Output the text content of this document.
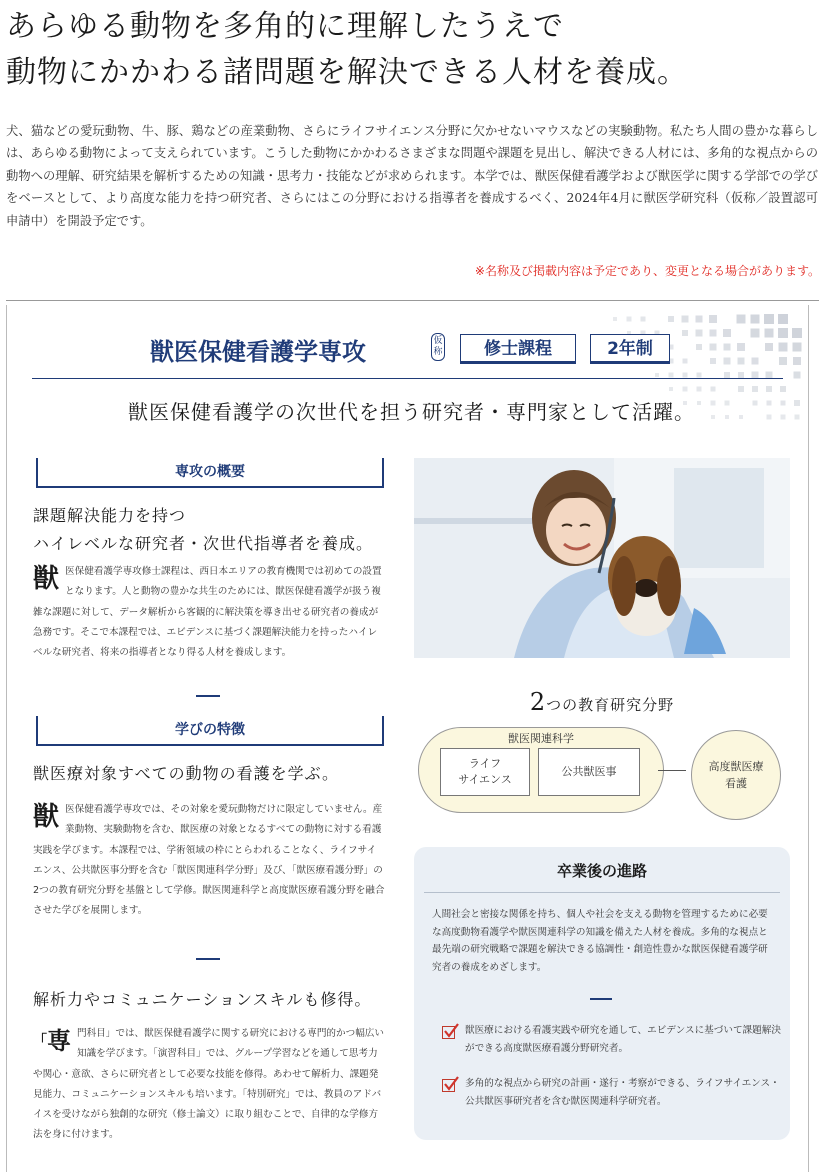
あらゆる動物を多角的に理解したうえで
動物にかかわる諸問題を解決できる人材を養成。
犬、猫などの愛玩動物、牛、豚、鶏などの産業動物、さらにライフサイエンス分野に欠かせないマウスなどの実験動物。私たち人間の豊かな暮らしは、あらゆる動物によって支えられています。こうした動物にかかわるさまざまな問題や課題を見出し、解決できる人材には、多角的な視点からの動物への理解、研究結果を解析するための知識・思考力・技能などが求められます。本学では、獣医保健看護学および獣医学に関する学部での学びをベースとして、より高度な能力を持つ研究者、さらにはこの分野における指導者を養成するべく、2024年4月に獣医学研究科（仮称／設置認可申請中）を開設予定です。
※名称及び掲載内容は予定であり、変更となる場合があります。
獣医保健看護学専攻	仮称	修士課程	2年制
獣医保健看護学の次世代を担う研究者・専門家として活躍。
専攻の概要
課題解決能力を持つ
ハイレベルな研究者・次世代指導者を養成。
獣医保健看護学専攻修士課程は、西日本エリアの教育機関では初めての設置となります。人と動物の豊かな共生のためには、獣医保健看護学が扱う複雑な課題に対して、データ解析から客観的に解決策を導き出せる研究者の養成が急務です。そこで本課程では、エビデンスに基づく課題解決能力を持ったハイレベルな研究者、将来の指導者となり得る人材を養成します。
学びの特徴
獣医療対象すべての動物の看護を学ぶ。
獣医保健看護学専攻では、その対象を愛玩動物だけに限定していません。産業動物、実験動物を含む、獣医療の対象となるすべての動物に対する看護実践を学びます。本課程では、学術領域の枠にとらわれることなく、ライフサイエンス、公共獣医事分野を含む「獣医関連科学分野」及び、「獣医療看護分野」の2つの教育研究分野を基盤として学修。獣医関連科学と高度獣医療看護分野を融合させた学びを展開します。
解析力やコミュニケーションスキルも修得。
「専 門科目」では、獣医保健看護学に関する研究における専門的かつ幅広い知識を学びます。「演習科目」では、グループ学習などを通して思考力や関心・意欲、さらに研究者として必要な技能を修得。あわせて解析力、課題発見能力、コミュニケーションスキルも培います。「特別研究」では、教員のアドバイスを受けながら独創的な研究（修士論文）に取り組むことで、自律的な学修方法を身に付けます。
2つの教育研究分野
獣医関連科学
ライフ
サイエンス
公共獣医事	高度獣医療
看護
卒業後の進路
人間社会と密接な関係を持ち、個人や社会を支える動物を管理するために必要な高度動物看護学や獣医関連科学の知識を備えた人材を養成。多角的な視点と最先端の研究戦略で課題を解決できる協調性・創造性豊かな獣医保健看護学研究者の養成をめざします。
獣医療における看護実践や研究を通して、エビデンスに基づいて課題解決ができる高度獣医療看護分野研究者。
多角的な視点から研究の計画・遂行・考察ができる、ライフサイエンス・公共獣医事研究者を含む獣医関連科学研究者。
